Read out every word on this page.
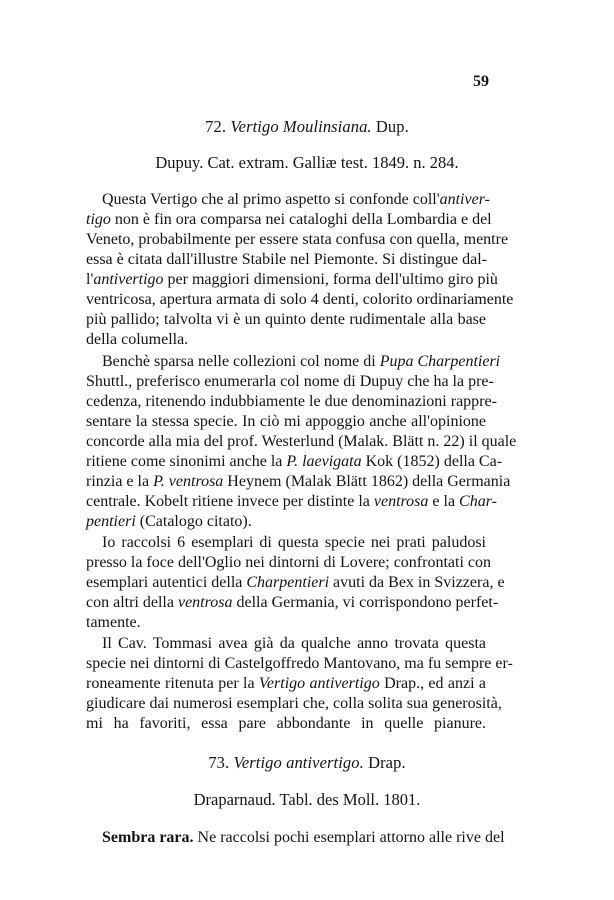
59
72. Vertigo Moulinsiana. Dup.
Dupuy. Cat. extram. Galliæ test. 1849. n. 284.
Questa Vertigo che al primo aspetto si confonde coll'antiver-
tigo non è fin ora comparsa nei cataloghi della Lombardia e del
Veneto, probabilmente per essere stata confusa con quella, mentre
essa è citata dall'illustre Stabile nel Piemonte. Si distingue dal-
l'antivertigo per maggiori dimensioni, forma dell'ultimo giro più
ventricosa, apertura armata di solo 4 denti, colorito ordinariamente
più pallido; talvolta vi è un quinto dente rudimentale alla base
della columella.
Benchè sparsa nelle collezioni col nome di Pupa Charpentieri
Shuttl., preferisco enumerarla col nome di Dupuy che ha la pre-
cedenza, ritenendo indubbiamente le due denominazioni rappre-
sentare la stessa specie. In ciò mi appoggio anche all'opinione
concorde alla mia del prof. Westerlund (Malak. Blätt n. 22) il quale
ritiene come sinonimi anche la P. laevigata Kok (1852) della Ca-
rinzia e la P. ventrosa Heynem (Malak Blätt 1862) della Germania
centrale. Kobelt ritiene invece per distinte la ventrosa e la Char-
pentieri (Catalogo citato).
Io raccolsi 6 esemplari di questa specie nei prati paludosi
presso la foce dell'Oglio nei dintorni di Lovere; confrontati con
esemplari autentici della Charpentieri avuti da Bex in Svizzera, e
con altri della ventrosa della Germania, vi corrispondono perfet-
tamente.
Il Cav. Tommasi avea già da qualche anno trovata questa
specie nei dintorni di Castelgoffredo Mantovano, ma fu sempre er-
roneamente ritenuta per la Vertigo antivertigo Drap., ed anzi a
giudicare dai numerosi esemplari che, colla solita sua generosità,
mi ha favoriti, essa pare abbondante in quelle pianure.
73. Vertigo antivertigo. Drap.
Draparnaud. Tabl. des Moll. 1801.
Sembra rara. Ne raccolsi pochi esemplari attorno alle rive del
